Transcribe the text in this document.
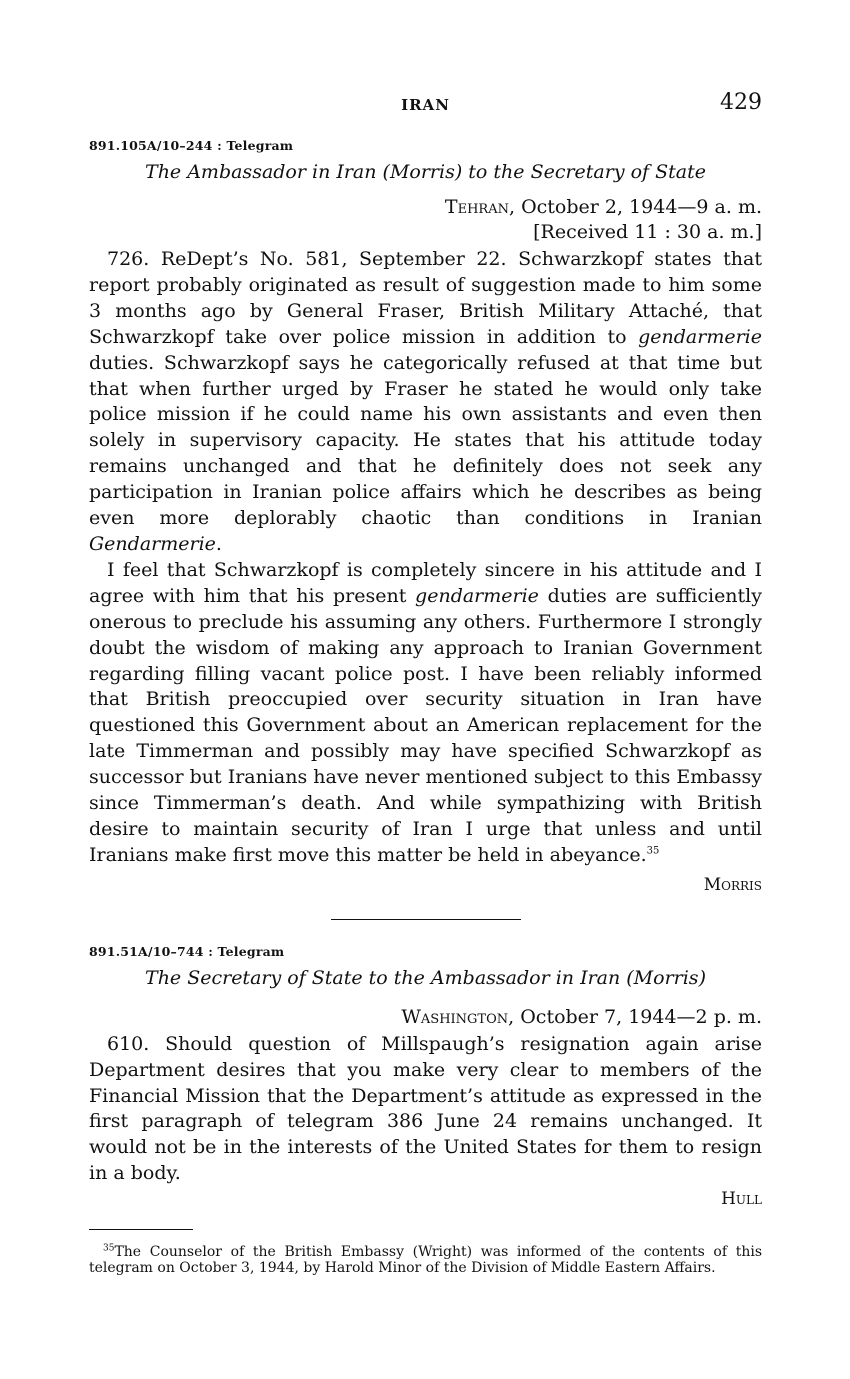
IRAN	429
891.105A/10–244 : Telegram
The Ambassador in Iran (Morris) to the Secretary of State
Tehran, October 2, 1944—9 a. m.
[Received 11 : 30 a. m.]

726. ReDept’s No. 581, September 22. Schwarzkopf states that report probably originated as result of suggestion made to him some 3 months ago by General Fraser, British Military Attaché, that Schwarzkopf take over police mission in addition to gendarmerie duties. Schwarzkopf says he categorically refused at that time but that when further urged by Fraser he stated he would only take police mission if he could name his own assistants and even then solely in supervisory capacity. He states that his attitude today remains unchanged and that he definitely does not seek any participation in Iranian police affairs which he describes as being even more deplorably chaotic than conditions in Iranian Gendarmerie.

I feel that Schwarzkopf is completely sincere in his attitude and I agree with him that his present gendarmerie duties are sufficiently onerous to preclude his assuming any others. Furthermore I strongly doubt the wisdom of making any approach to Iranian Government regarding filling vacant police post. I have been reliably informed that British preoccupied over security situation in Iran have questioned this Government about an American replacement for the late Timmerman and possibly may have specified Schwarzkopf as successor but Iranians have never mentioned subject to this Embassy since Timmerman’s death. And while sympathizing with British desire to maintain security of Iran I urge that unless and until Iranians make first move this matter be held in abeyance.$^{35}$

Morris
891.51A/10–744 : Telegram
The Secretary of State to the Ambassador in Iran (Morris)
Washington, October 7, 1944—2 p. m.

610. Should question of Millspaugh’s resignation again arise Department desires that you make very clear to members of the Financial Mission that the Department’s attitude as expressed in the first paragraph of telegram 386 June 24 remains unchanged. It would not be in the interests of the United States for them to resign in a body.

Hull
$^{35}$The Counselor of the British Embassy (Wright) was informed of the contents of this telegram on October 3, 1944, by Harold Minor of the Division of Middle Eastern Affairs.
